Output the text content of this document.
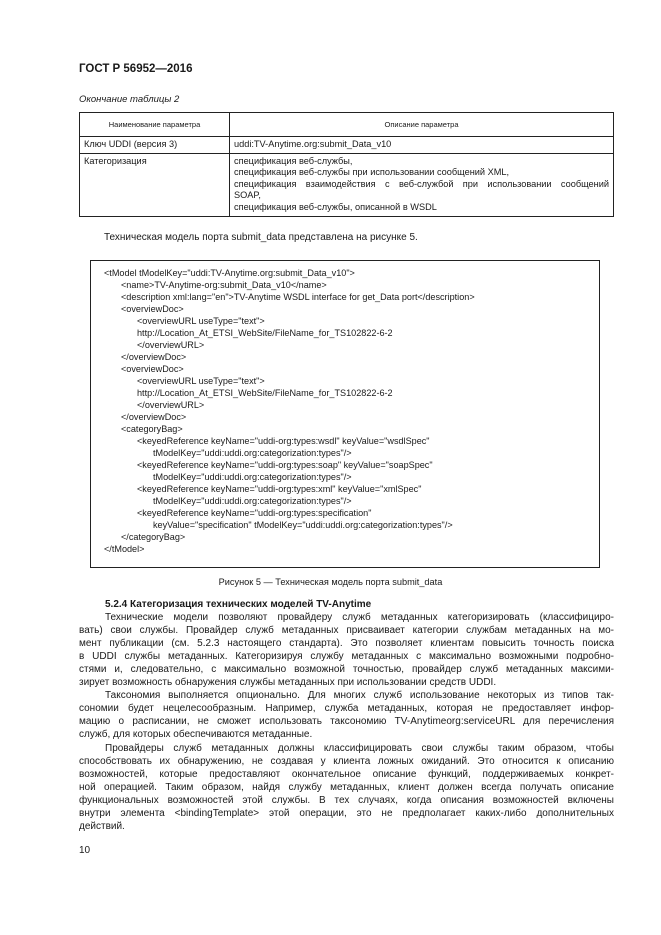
ГОСТ Р 56952—2016
Окончание таблицы 2
Наименование параметра	Описание параметра
Ключ UDDI (версия 3)	uddi:TV-Anytime.org:submit_Data_v10

Категоризация	спецификация веб-службы,
спецификация веб-службы при использовании сообщений XML,
спецификация взаимодействия с веб-службой при использовании сообщений
SOAP,
спецификация веб-службы, описанной в WSDL
Техническая модель порта submit_data представлена на рисунке 5.
<tModel tModelKey="uddi:TV-Anytime.org:submit_Data_v10">
<name>TV-Anytime-org:submit_Data_v10</name>
<description xml:lang="en">TV-Anytime WSDL interface for get_Data port</description>
<overviewDoc>
<overviewURL useType="text">
http://Location_At_ETSI_WebSite/FileName_for_TS102822-6-2
</overviewURL>
</overviewDoc>
<overviewDoc>
<overviewURL useType="text">
http://Location_At_ETSI_WebSite/FileName_for_TS102822-6-2
</overviewURL>
</overviewDoc>
<categoryBag>
<keyedReference keyName="uddi-org:types:wsdl" keyValue="wsdlSpec"
tModelKey="uddi:uddi.org:categorization:types"/>
<keyedReference keyName="uddi-org:types:soap" keyValue="soapSpec"
tModelKey="uddi:uddi.org:categorization:types"/>
<keyedReference keyName="uddi-org:types:xml" keyValue="xmlSpec"
tModelKey="uddi:uddi.org:categorization:types"/>
<keyedReference keyName="uddi-org:types:specification"
keyValue="specification" tModelKey="uddi:uddi.org:categorization:types"/>
</categoryBag>
</tModel>
Рисунок 5 — Техническая модель порта submit_data
5.2.4 Категоризация технических моделей TV-Anytime
Технические модели позволяют провайдеру служб метаданных категоризировать (классифициро-
вать) свои службы. Провайдер служб метаданных присваивает категории службам метаданных на мо-
мент публикации (см. 5.2.3 настоящего стандарта). Это позволяет клиентам повысить точность поиска
в UDDI службы метаданных. Категоризируя службу метаданных с максимально возможными подробно-
стями и, следовательно, с максимально возможной точностью, провайдер служб метаданных максими-
зирует возможность обнаружения службы метаданных при использовании средств UDDI.
Таксономия выполняется опционально. Для многих служб использование некоторых из типов так-
сономии будет нецелесообразным. Например, служба метаданных, которая не предоставляет инфор-
мацию о расписании, не сможет использовать таксономию TV-Anytimeorg:serviceURL для перечисления
служб, для которых обеспечиваются метаданные.
Провайдеры служб метаданных должны классифицировать свои службы таким образом, чтобы
способствовать их обнаружению, не создавая у клиента ложных ожиданий. Это относится к описанию
возможностей, которые предоставляют окончательное описание функций, поддерживаемых конкрет-
ной операцией. Таким образом, найдя службу метаданных, клиент должен всегда получать описание
функциональных возможностей этой службы. В тех случаях, когда описания возможностей включены
внутри элемента <bindingTemplate> этой операции, это не предполагает каких-либо дополнительных
действий.
10
